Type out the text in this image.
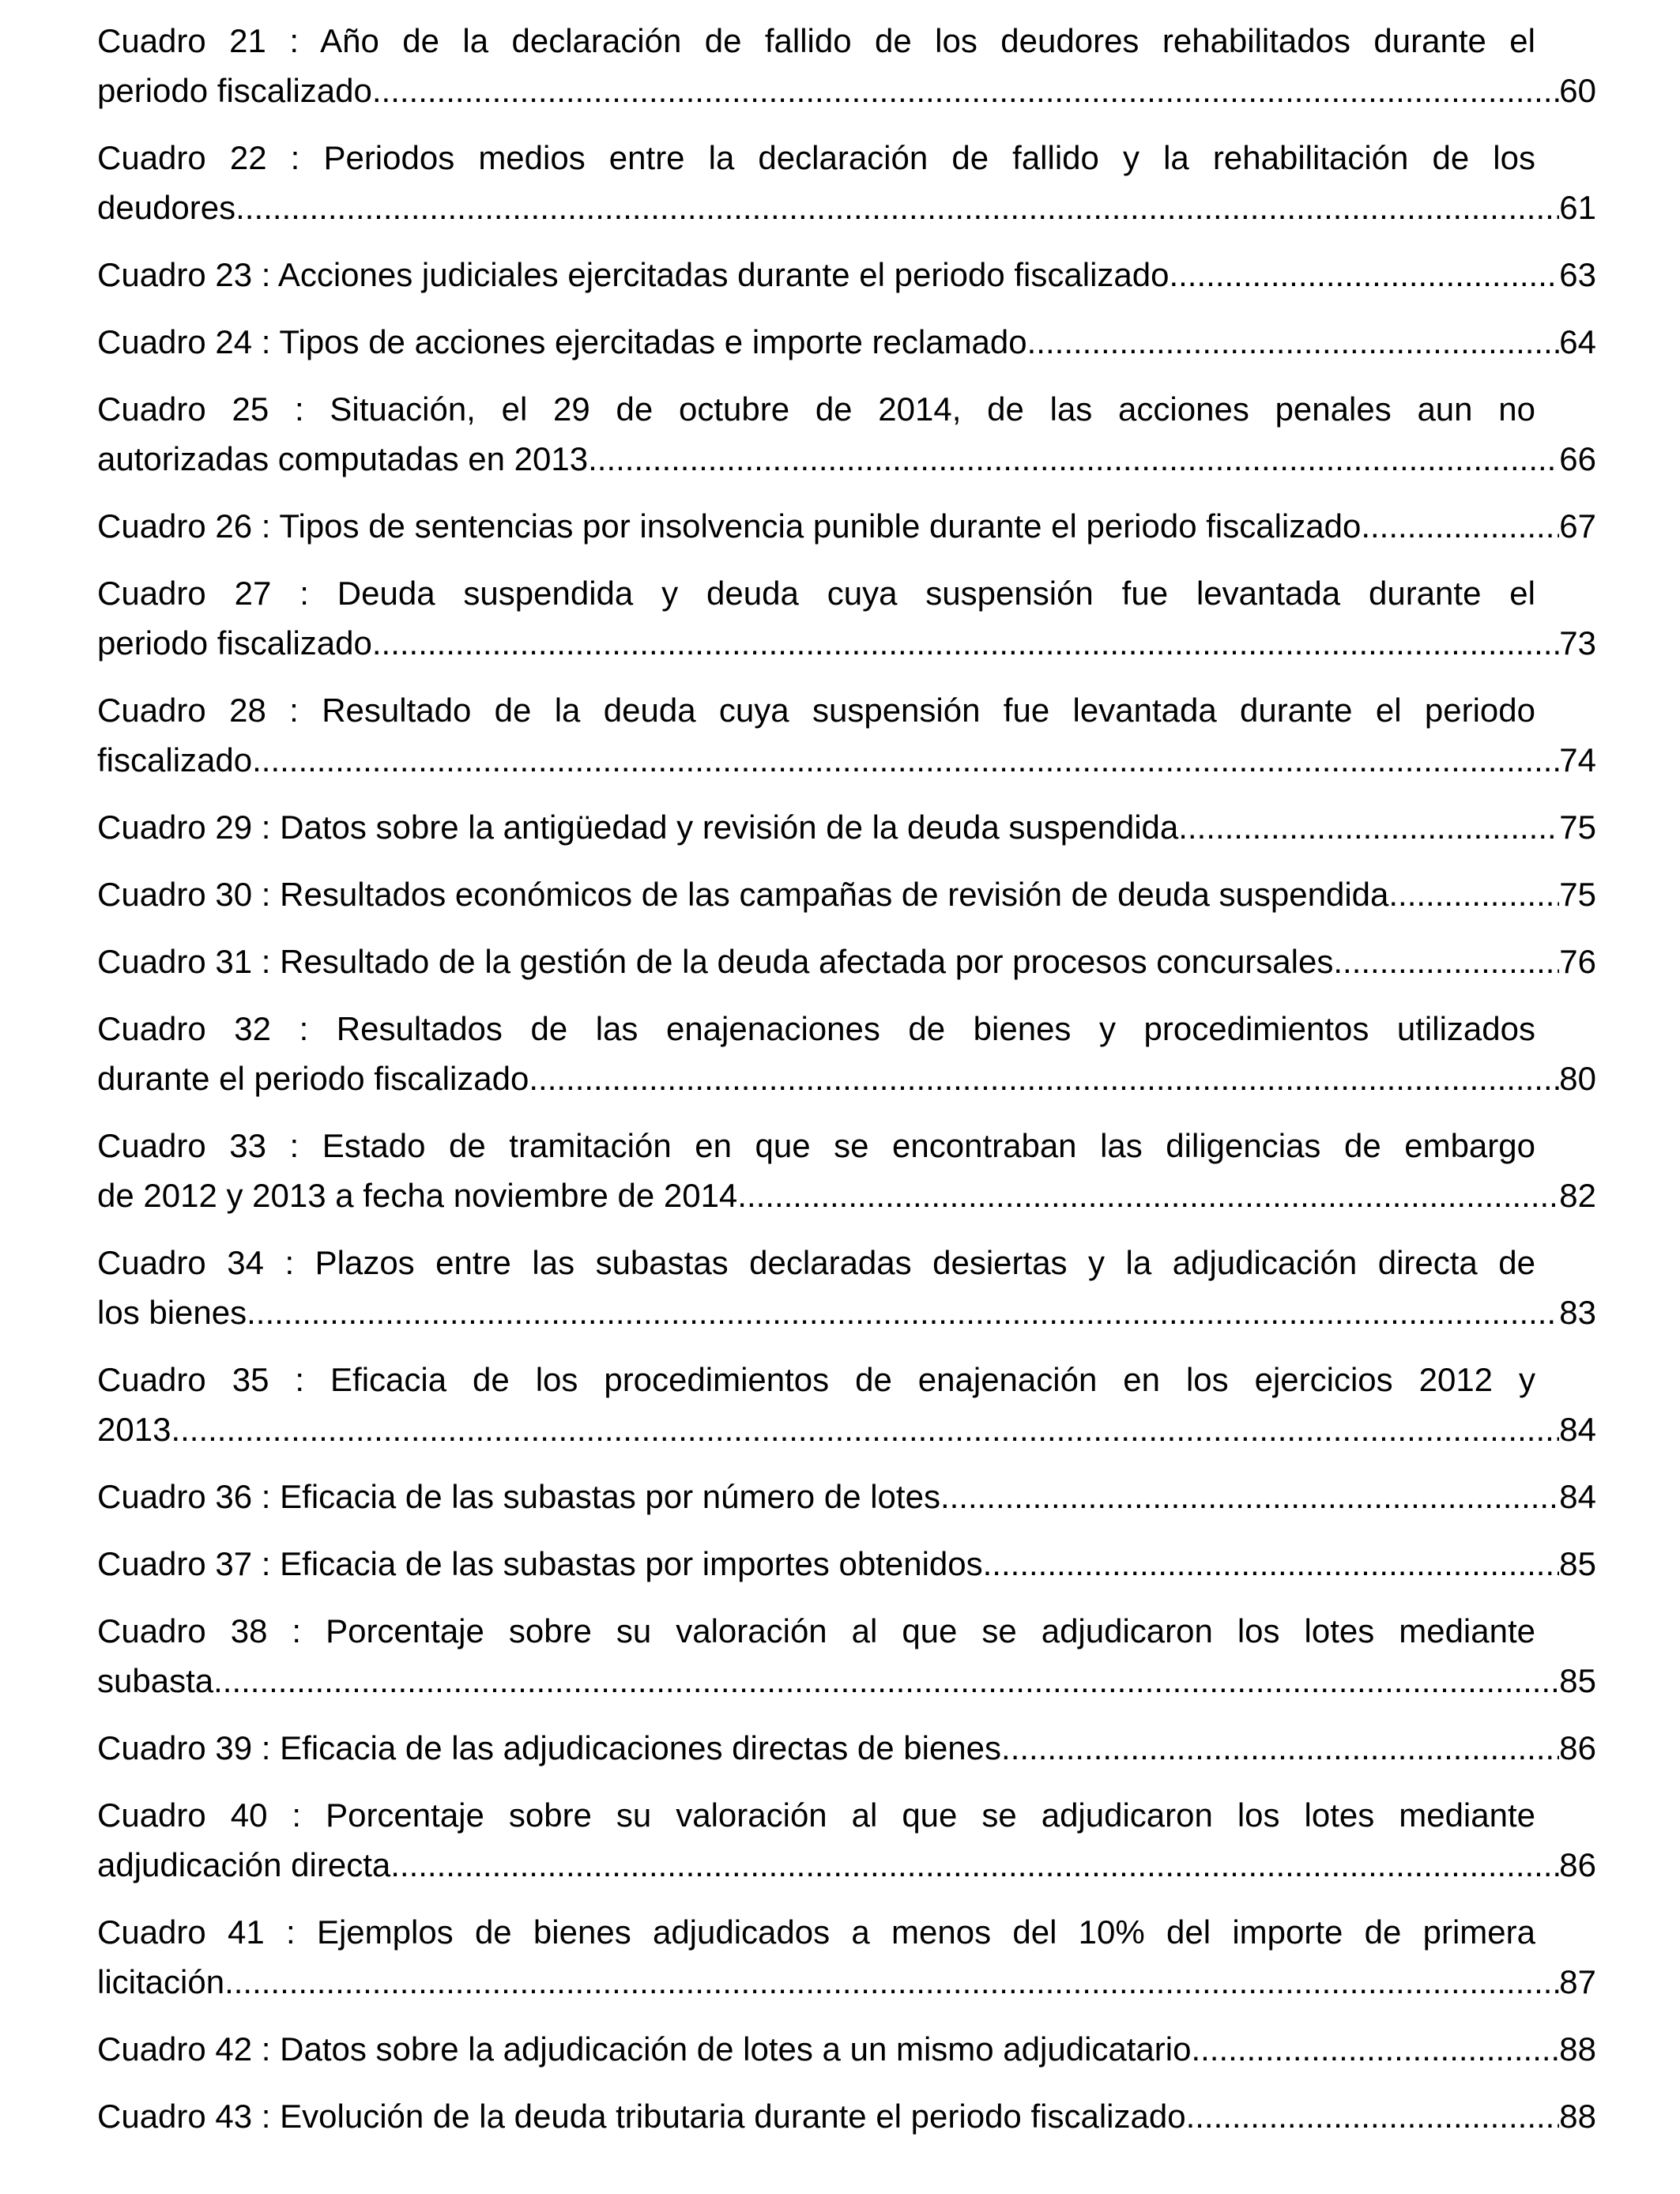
Cuadro 21 : Año de la declaración de fallido de los deudores rehabilitados durante el
periodo fiscalizado .....	60
Cuadro 22 : Periodos medios entre la declaración de fallido y la rehabilitación de los
deudores .....	61
Cuadro 23 : Acciones judiciales ejercitadas durante el periodo fiscalizado .....	63
Cuadro 24 : Tipos de acciones ejercitadas e importe reclamado .....	64
Cuadro 25 : Situación, el 29 de octubre de 2014, de las acciones penales aun no
autorizadas computadas en 2013 .....	66
Cuadro 26 : Tipos de sentencias por insolvencia punible durante el periodo fiscalizado .....	67
Cuadro 27 : Deuda suspendida y deuda cuya suspensión fue levantada durante el
periodo fiscalizado .....	73
Cuadro 28 : Resultado de la deuda cuya suspensión fue levantada durante el periodo
fiscalizado .....	74
Cuadro 29 : Datos sobre la antigüedad y revisión de la deuda suspendida .....	75
Cuadro 30 : Resultados económicos de las campañas de revisión de deuda suspendida .....	75
Cuadro 31 : Resultado de la gestión de la deuda afectada por procesos concursales .....	76
Cuadro 32 : Resultados de las enajenaciones de bienes y procedimientos utilizados
durante el periodo fiscalizado .....	80
Cuadro 33 : Estado de tramitación en que se encontraban las diligencias de embargo
de 2012 y 2013 a fecha noviembre de 2014 .....	82
Cuadro 34 : Plazos entre las subastas declaradas desiertas y la adjudicación directa de
los bienes .....	83
Cuadro 35 : Eficacia de los procedimientos de enajenación en los ejercicios 2012 y
2013 .....	84
Cuadro 36 : Eficacia de las subastas por número de lotes .....	84
Cuadro 37 : Eficacia de las subastas por importes obtenidos .....	85
Cuadro 38 : Porcentaje sobre su valoración al que se adjudicaron los lotes mediante
subasta .....	85
Cuadro 39 : Eficacia de las adjudicaciones directas de bienes .....	86
Cuadro 40 : Porcentaje sobre su valoración al que se adjudicaron los lotes mediante
adjudicación directa .....	86
Cuadro 41 : Ejemplos de bienes adjudicados a menos del 10% del importe de primera
licitación .....	87
Cuadro 42 : Datos sobre la adjudicación de lotes a un mismo adjudicatario .....	88
Cuadro 43 : Evolución de la deuda tributaria durante el periodo fiscalizado .....	88
